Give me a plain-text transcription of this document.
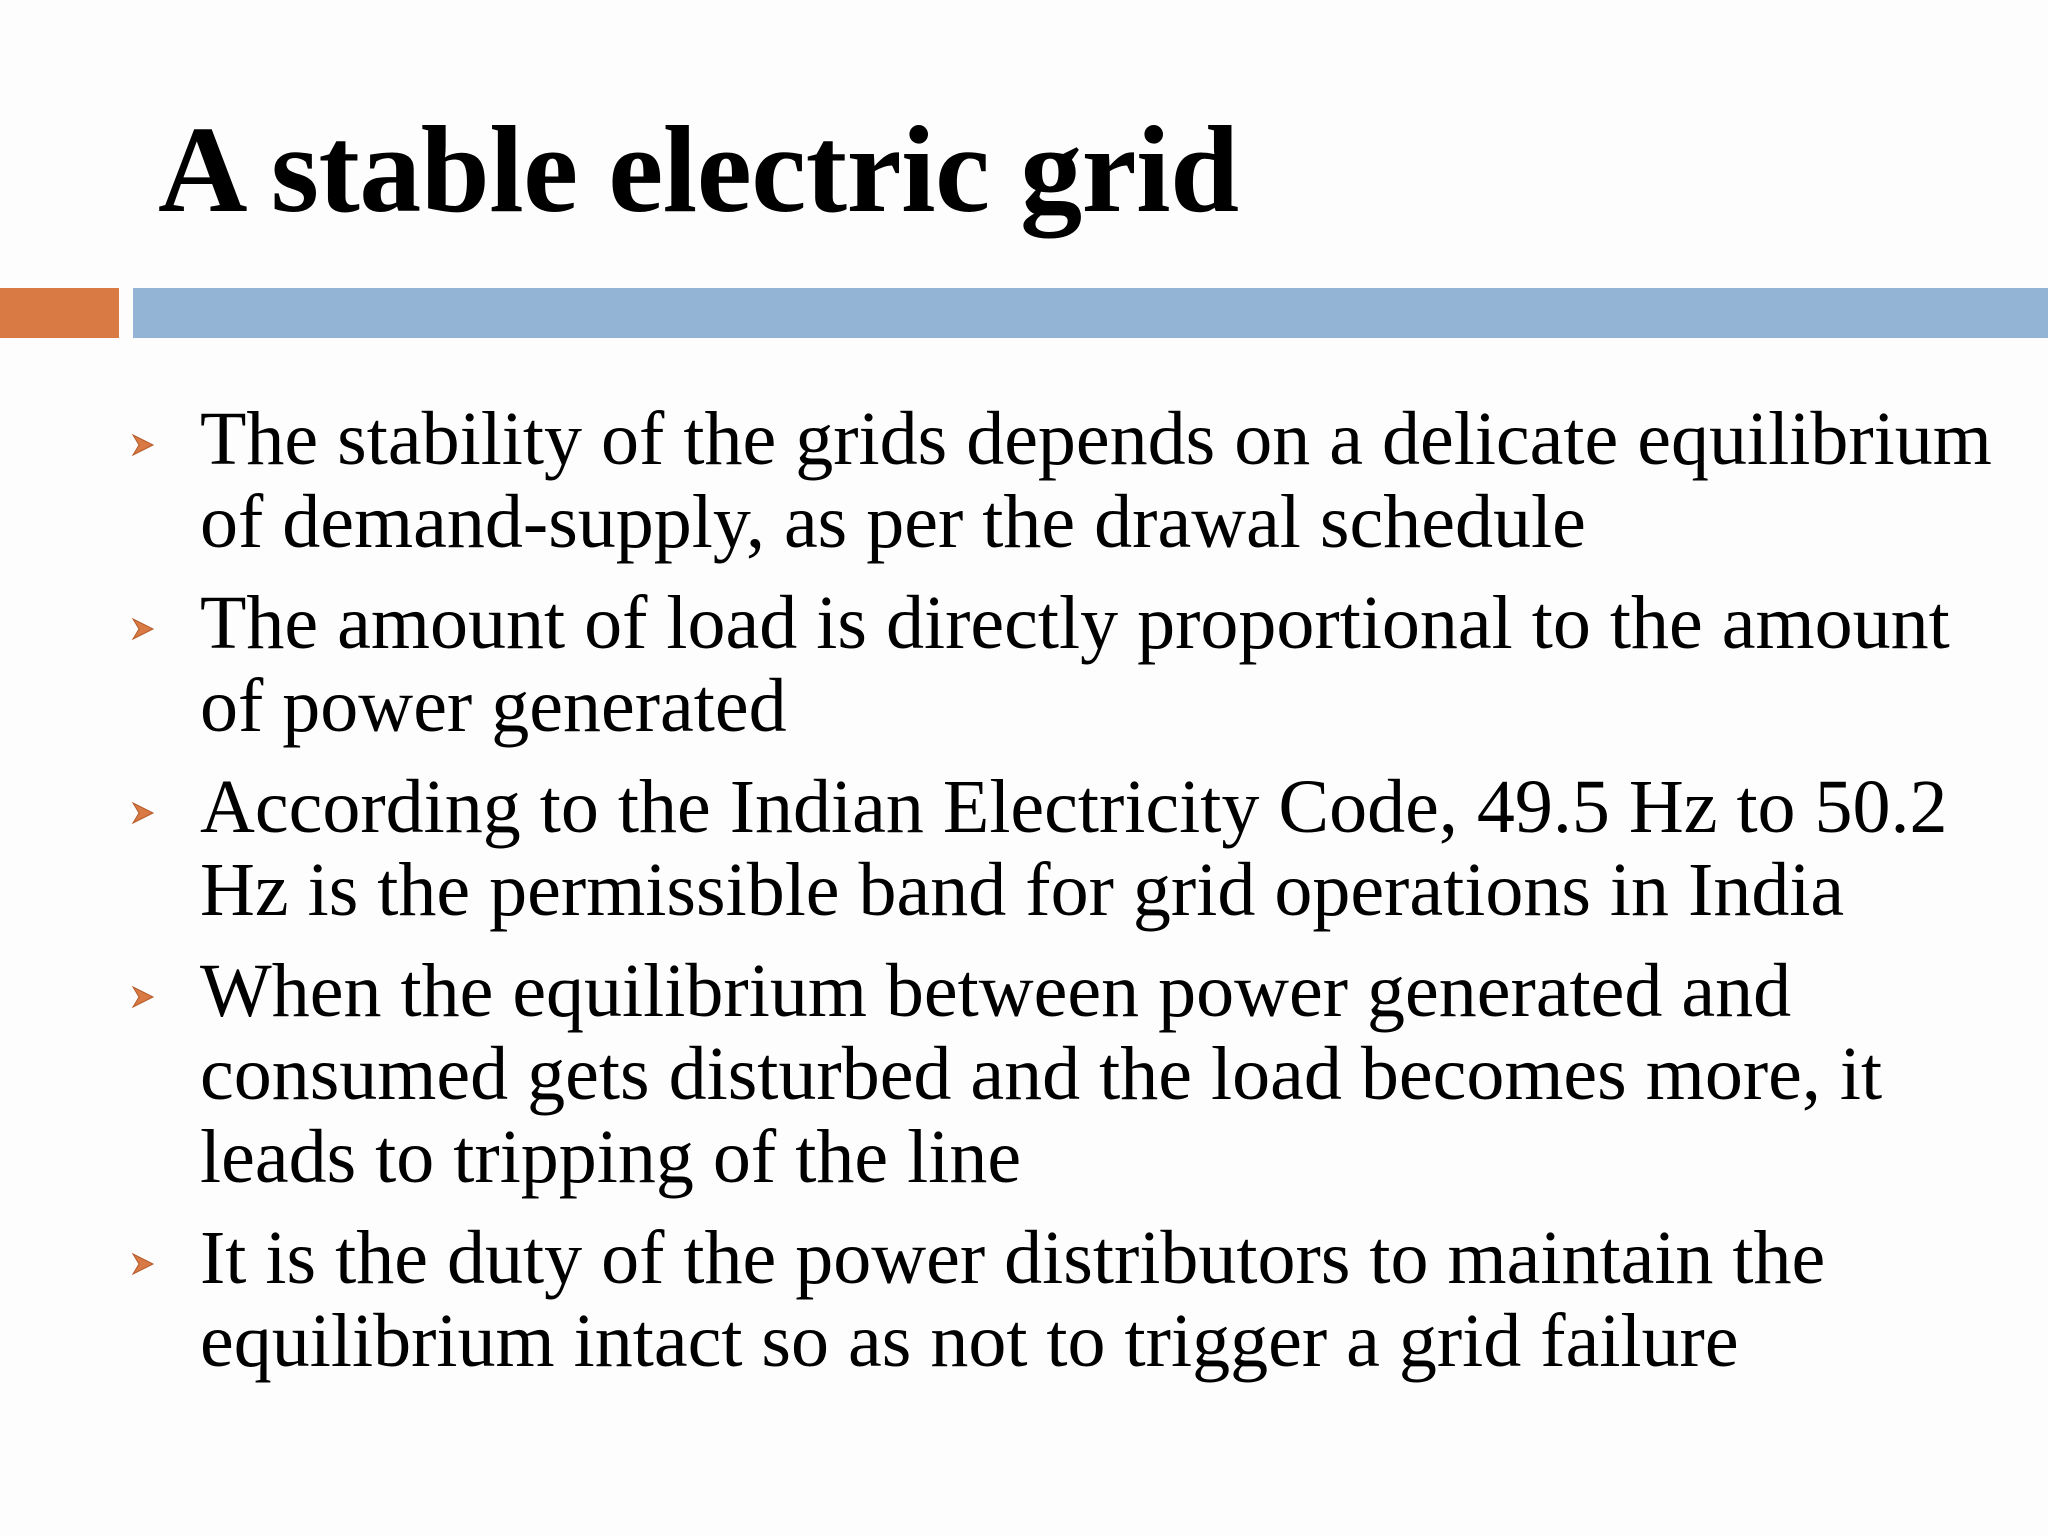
A stable electric grid
The stability of the grids depends on a delicate equilibrium of demand-supply, as per the drawal schedule
The amount of load is directly proportional to the amount of power generated
According to the Indian Electricity Code, 49.5 Hz to 50.2 Hz is the permissible band for grid operations in India
When the equilibrium between power generated and consumed gets disturbed and the load becomes more, it leads to tripping of the line
It is the duty of the power distributors to maintain the equilibrium intact so as not to trigger a grid failure
